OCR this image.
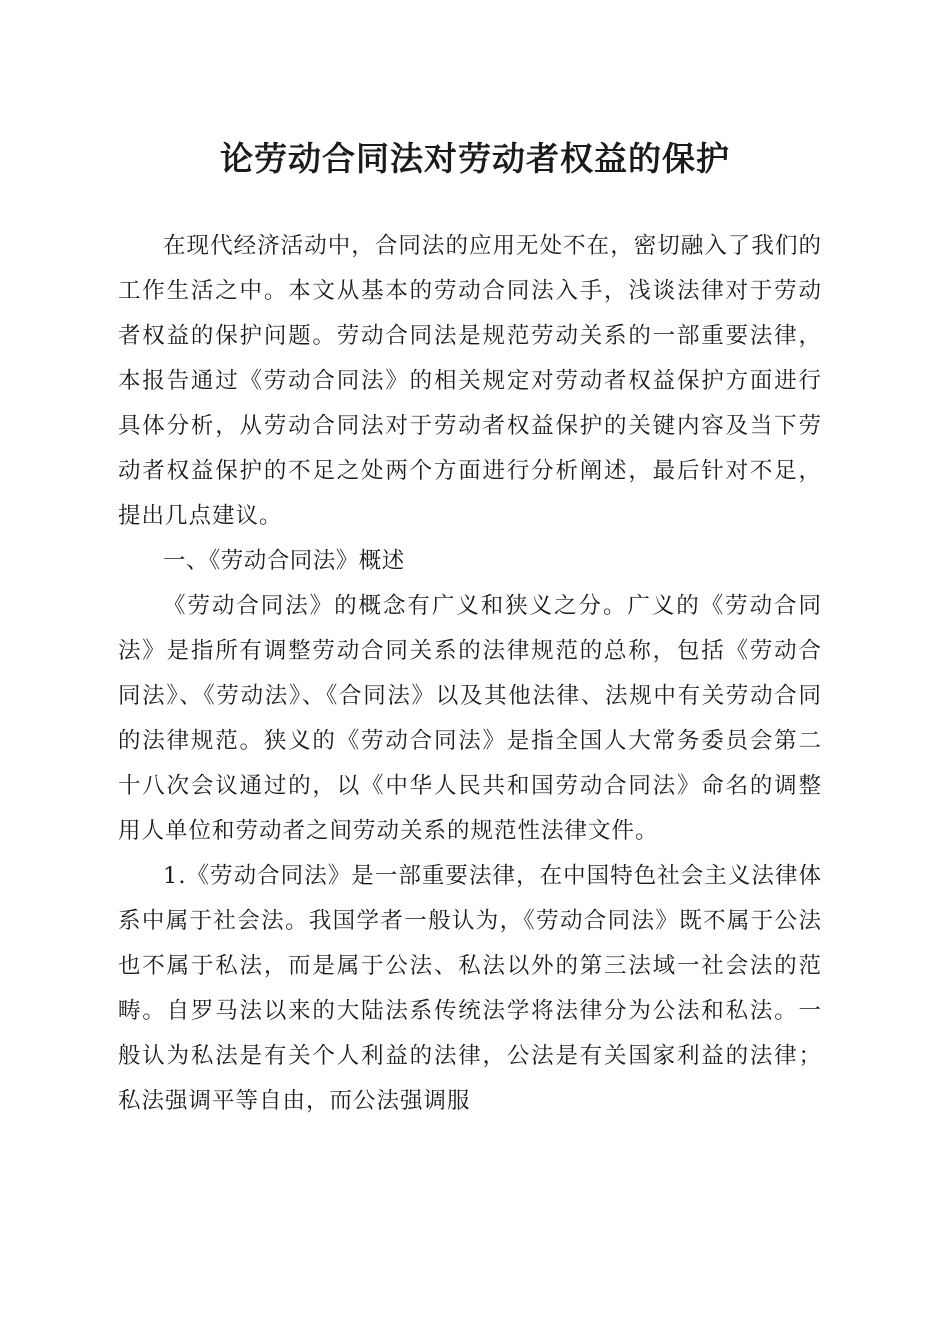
论劳动合同法对劳动者权益的保护

在现代经济活动中，合同法的应用无处不在，密切融入了我们的工作生活之中。本文从基本的劳动合同法入手，浅谈法律对于劳动者权益的保护问题。劳动合同法是规范劳动关系的一部重要法律，本报告通过《劳动合同法》的相关规定对劳动者权益保护方面进行具体分析，从劳动合同法对于劳动者权益保护的关键内容及当下劳动者权益保护的不足之处两个方面进行分析阐述，最后针对不足，提出几点建议。

一、《劳动合同法》概述

《劳动合同法》的概念有广义和狭义之分。广义的《劳动合同法》是指所有调整劳动合同关系的法律规范的总称，包括《劳动合同法》、《劳动法》、《合同法》以及其他法律、法规中有关劳动合同的法律规范。狭义的《劳动合同法》是指全国人大常务委员会第二十八次会议通过的，以《中华人民共和国劳动合同法》命名的调整用人单位和劳动者之间劳动关系的规范性法律文件。

1.《劳动合同法》是一部重要法律，在中国特色社会主义法律体系中属于社会法。我国学者一般认为，《劳动合同法》既不属于公法也不属于私法，而是属于公法、私法以外的第三法域一社会法的范畴。自罗马法以来的大陆法系传统法学将法律分为公法和私法。一般认为私法是有关个人利益的法律，公法是有关国家利益的法律；私法强调平等自由，而公法强调服
